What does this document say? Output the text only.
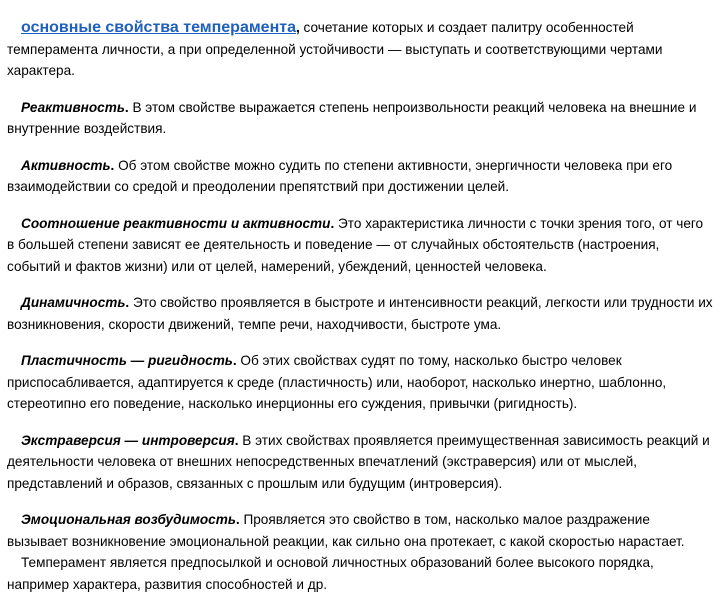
основные свойства темперамента, сочетание которых и создает палитру особенностей темперамента личности, а при определенной устойчивости — выступать и соответствующими чертами характера.

Реактивность. В этом свойстве выражается степень непроизвольности реакций человека на внешние и внутренние воздействия.

Активность. Об этом свойстве можно судить по степени активности, энергичности человека при его взаимодействии со средой и преодолении препятствий при достижении целей.

Соотношение реактивности и активности. Это характеристика личности с точки зрения того, от чего в большей степени зависят ее деятельность и поведение — от случайных обстоятельств (настроения, событий и фактов жизни) или от целей, намерений, убеждений, ценностей человека.

Динамичность. Это свойство проявляется в быстроте и интенсивности реакций, легкости или трудности их возникновения, скорости движений, темпе речи, находчивости, быстроте ума.

Пластичность — ригидность. Об этих свойствах судят по тому, насколько быстро человек приспосабливается, адаптируется к среде (пластичность) или, наоборот, насколько инертно, шаблонно, стереотипно его поведение, насколько инерционны его суждения, привычки (ригидность).

Экстраверсия — интроверсия. В этих свойствах проявляется преимущественная зависимость реакций и деятельности человека от внешних непосредственных впечатлений (экстраверсия) или от мыслей, представлений и образов, связанных с прошлым или будущим (интроверсия).

Эмоциональная возбудимость. Проявляется это свойство в том, насколько малое раздражение вызывает возникновение эмоциональной реакции, как сильно она протекает, с какой скоростью нарастает.

Темперамент является предпосылкой и основой личностных образований более высокого порядка, например характера, развития способностей и др.
